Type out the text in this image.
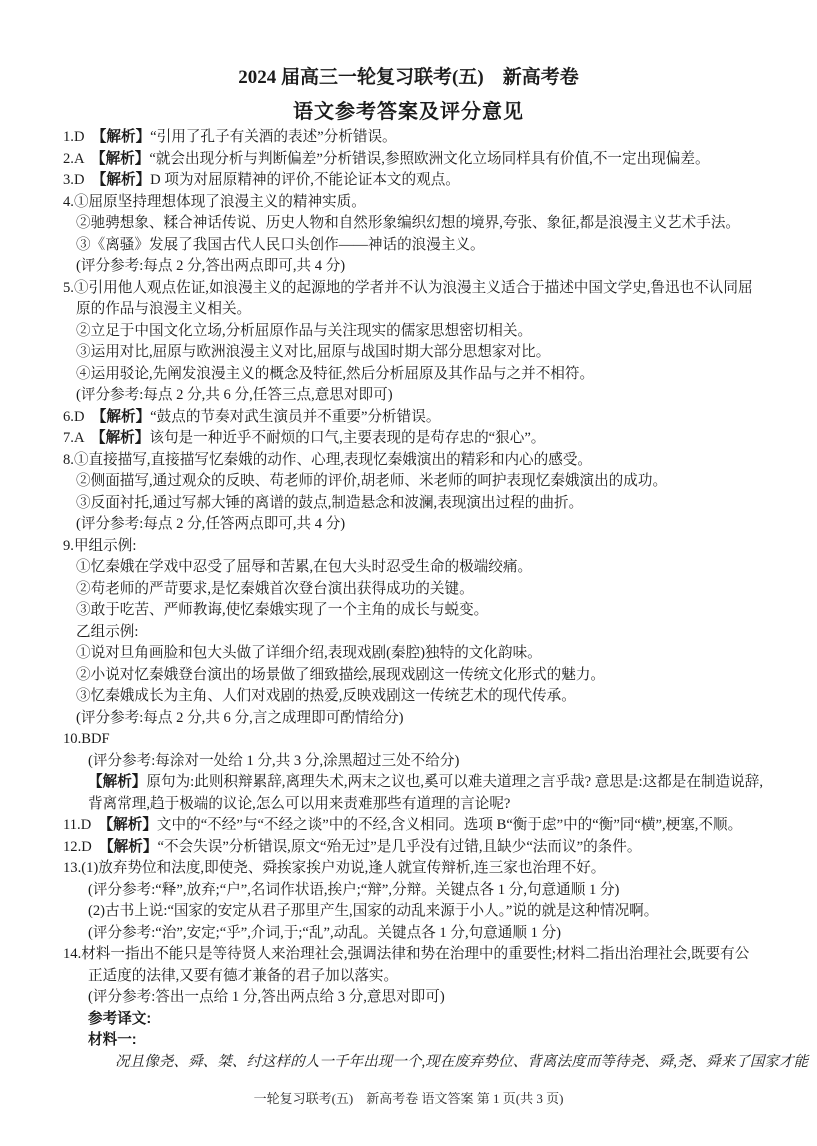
2024 届高三一轮复习联考(五)　新高考卷
语文参考答案及评分意见
1.D　【解析】“引用了孔子有关酒的表述”分析错误。
2.A　【解析】“就会出现分析与判断偏差”分析错误,参照欧洲文化立场同样具有价值,不一定出现偏差。
3.D　【解析】D 项为对屈原精神的评价,不能论证本文的观点。
4.①屈原坚持理想体现了浪漫主义的精神实质。
②驰骋想象、糅合神话传说、历史人物和自然形象编织幻想的境界,夸张、象征,都是浪漫主义艺术手法。
③《离骚》发展了我国古代人民口头创作——神话的浪漫主义。
(评分参考:每点 2 分,答出两点即可,共 4 分)
5.①引用他人观点佐证,如浪漫主义的起源地的学者并不认为浪漫主义适合于描述中国文学史,鲁迅也不认同屈
原的作品与浪漫主义相关。
②立足于中国文化立场,分析屈原作品与关注现实的儒家思想密切相关。
③运用对比,屈原与欧洲浪漫主义对比,屈原与战国时期大部分思想家对比。
④运用驳论,先阐发浪漫主义的概念及特征,然后分析屈原及其作品与之并不相符。
(评分参考:每点 2 分,共 6 分,任答三点,意思对即可)
6.D　【解析】“鼓点的节奏对武生演员并不重要”分析错误。
7.A　【解析】该句是一种近乎不耐烦的口气,主要表现的是苟存忠的“狠心”。
8.①直接描写,直接描写忆秦娥的动作、心理,表现忆秦娥演出的精彩和内心的感受。
②侧面描写,通过观众的反映、苟老师的评价,胡老师、米老师的呵护表现忆秦娥演出的成功。
③反面衬托,通过写郝大锤的离谱的鼓点,制造悬念和波澜,表现演出过程的曲折。
(评分参考:每点 2 分,任答两点即可,共 4 分)
9.甲组示例:
①忆秦娥在学戏中忍受了屈辱和苦累,在包大头时忍受生命的极端绞痛。
②苟老师的严苛要求,是忆秦娥首次登台演出获得成功的关键。
③敢于吃苦、严师教诲,使忆秦娥实现了一个主角的成长与蜕变。
乙组示例:
①说对旦角画脸和包大头做了详细介绍,表现戏剧(秦腔)独特的文化韵味。
②小说对忆秦娥登台演出的场景做了细致描绘,展现戏剧这一传统文化形式的魅力。
③忆秦娥成长为主角、人们对戏剧的热爱,反映戏剧这一传统艺术的现代传承。
(评分参考:每点 2 分,共 6 分,言之成理即可酌情给分)
10.BDF
(评分参考:每涂对一处给 1 分,共 3 分,涂黑超过三处不给分)
【解析】原句为:此则积辩累辞,离理失术,两末之议也,奚可以难夫道理之言乎哉? 意思是:这都是在制造说辞,
背离常理,趋于极端的议论,怎么可以用来责难那些有道理的言论呢?
11.D　【解析】文中的“不经”与“不经之谈”中的不经,含义相同。选项 B“衡于虑”中的“衡”同“横”,梗塞,不顺。
12.D　【解析】“不会失误”分析错误,原文“殆无过”是几乎没有过错,且缺少“法而议”的条件。
13.(1)放弃势位和法度,即使尧、舜挨家挨户劝说,逢人就宣传辩析,连三家也治理不好。
(评分参考:“释”,放弃;“户”,名词作状语,挨户;“辩”,分辩。关键点各 1 分,句意通顺 1 分)
(2)古书上说:“国家的安定从君子那里产生,国家的动乱来源于小人。”说的就是这种情况啊。
(评分参考:“治”,安定;“乎”,介词,于;“乱”,动乱。关键点各 1 分,句意通顺 1 分)
14.材料一指出不能只是等待贤人来治理社会,强调法律和势在治理中的重要性;材料二指出治理社会,既要有公
正适度的法律,又要有德才兼备的君子加以落实。
(评分参考:答出一点给 1 分,答出两点给 3 分,意思对即可)
参考译文:
材料一:
况且像尧、舜、桀、纣这样的人一千年出现一个,现在废弃势位、背离法度而等待尧、舜,尧、舜来了国家才能
一轮复习联考(五)　新高考卷 语文答案 第 1 页(共 3 页)
